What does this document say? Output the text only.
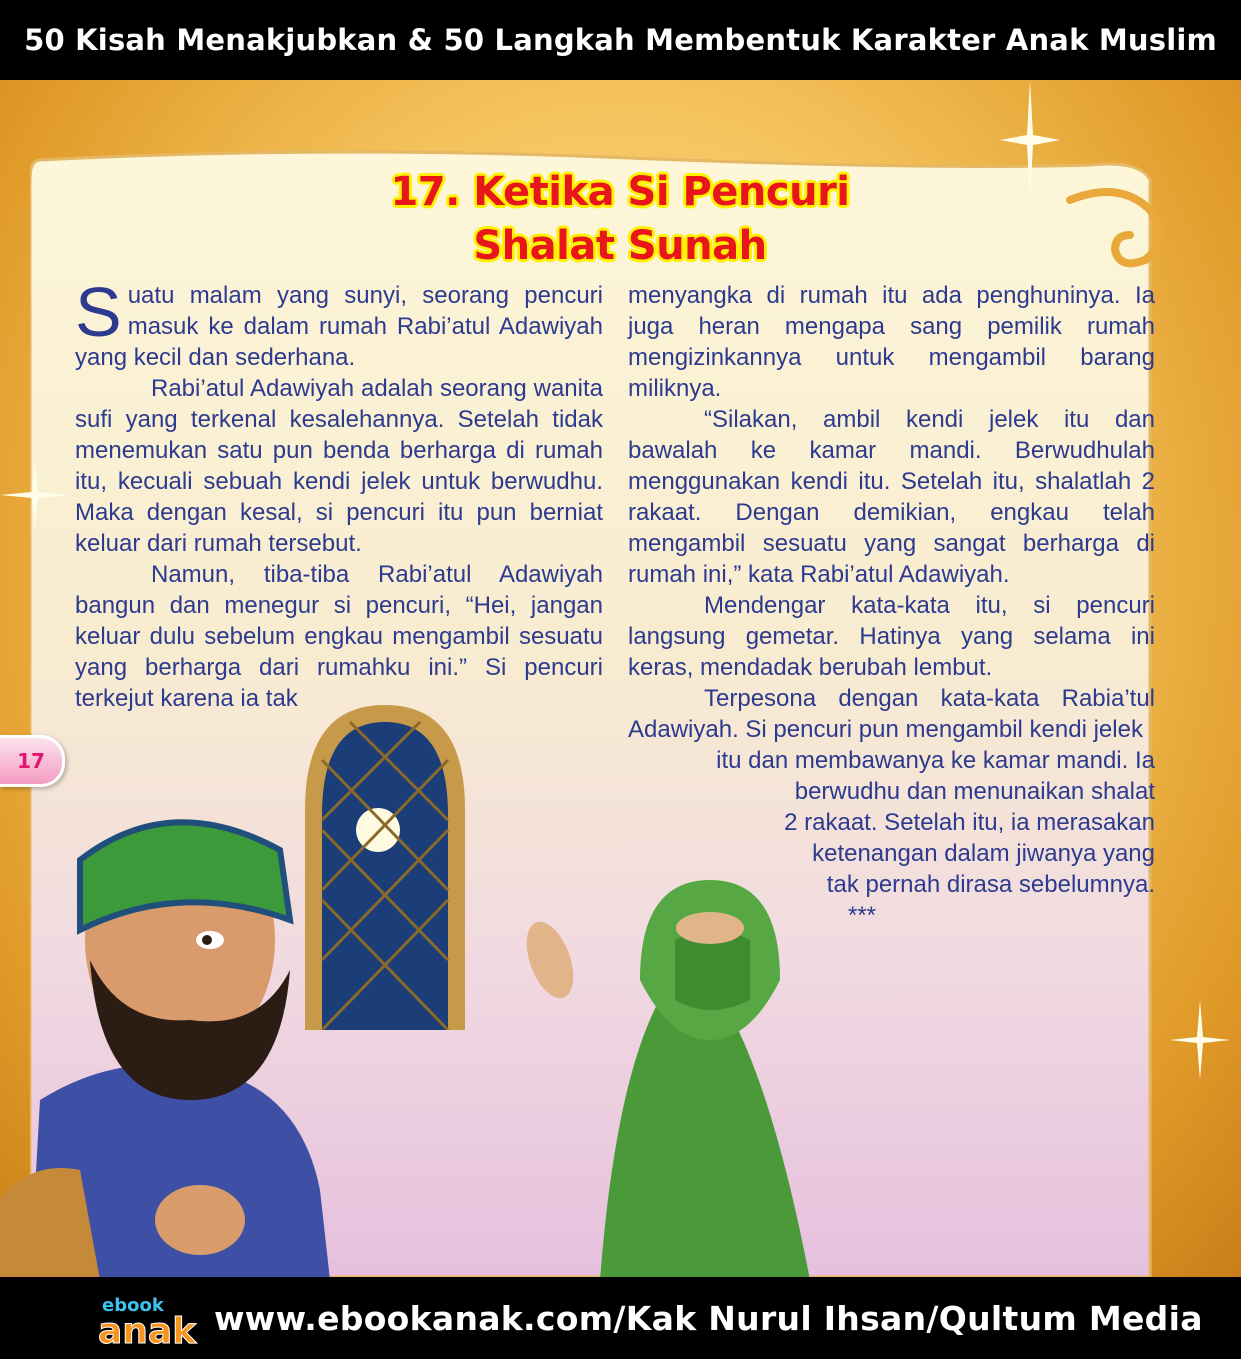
50 Kisah Menakjubkan & 50 Langkah Membentuk Karakter Anak Muslim
17
17. Ketika Si Pencuri
Shalat Sunah

Suatu malam yang sunyi, seorang pencuri masuk ke dalam rumah Rabi’atul Adawiyah yang kecil dan sederhana.

Rabi’atul Adawiyah adalah seorang wanita sufi yang terkenal kesalehannya. Setelah tidak menemukan satu pun benda berharga di rumah itu, kecuali sebuah kendi jelek untuk berwudhu. Maka dengan kesal, si pencuri itu pun berniat keluar dari rumah tersebut.

Namun, tiba-tiba Rabi’atul Adawiyah bangun dan menegur si pencuri, “Hei, jangan keluar dulu sebelum engkau mengambil sesuatu yang berharga dari rumahku ini.” Si pencuri terkejut karena ia tak

menyangka di rumah itu ada penghuninya. Ia juga heran mengapa sang pemilik rumah mengizinkannya untuk mengambil barang miliknya.

“Silakan, ambil kendi jelek itu dan bawalah ke kamar mandi. Berwudhulah menggunakan kendi itu. Setelah itu, shalatlah 2 rakaat. Dengan demikian, engkau telah mengambil sesuatu yang sangat berharga di rumah ini,” kata Rabi’atul Adawiyah.

Mendengar kata-kata itu, si pencuri langsung gemetar. Hatinya yang selama ini keras, mendadak berubah lembut.

Terpesona dengan kata-kata Rabia’tul Adawiyah. Si pencuri pun mengambil kendi jelek

itu dan membawanya ke kamar mandi. Ia

berwudhu dan menunaikan shalat

2 rakaat. Setelah itu, ia merasakan

ketenangan dalam jiwanya yang

tak pernah dirasa sebelumnya.

***

ebook
anak www.ebookanak.com/Kak Nurul Ihsan/Qultum Media
